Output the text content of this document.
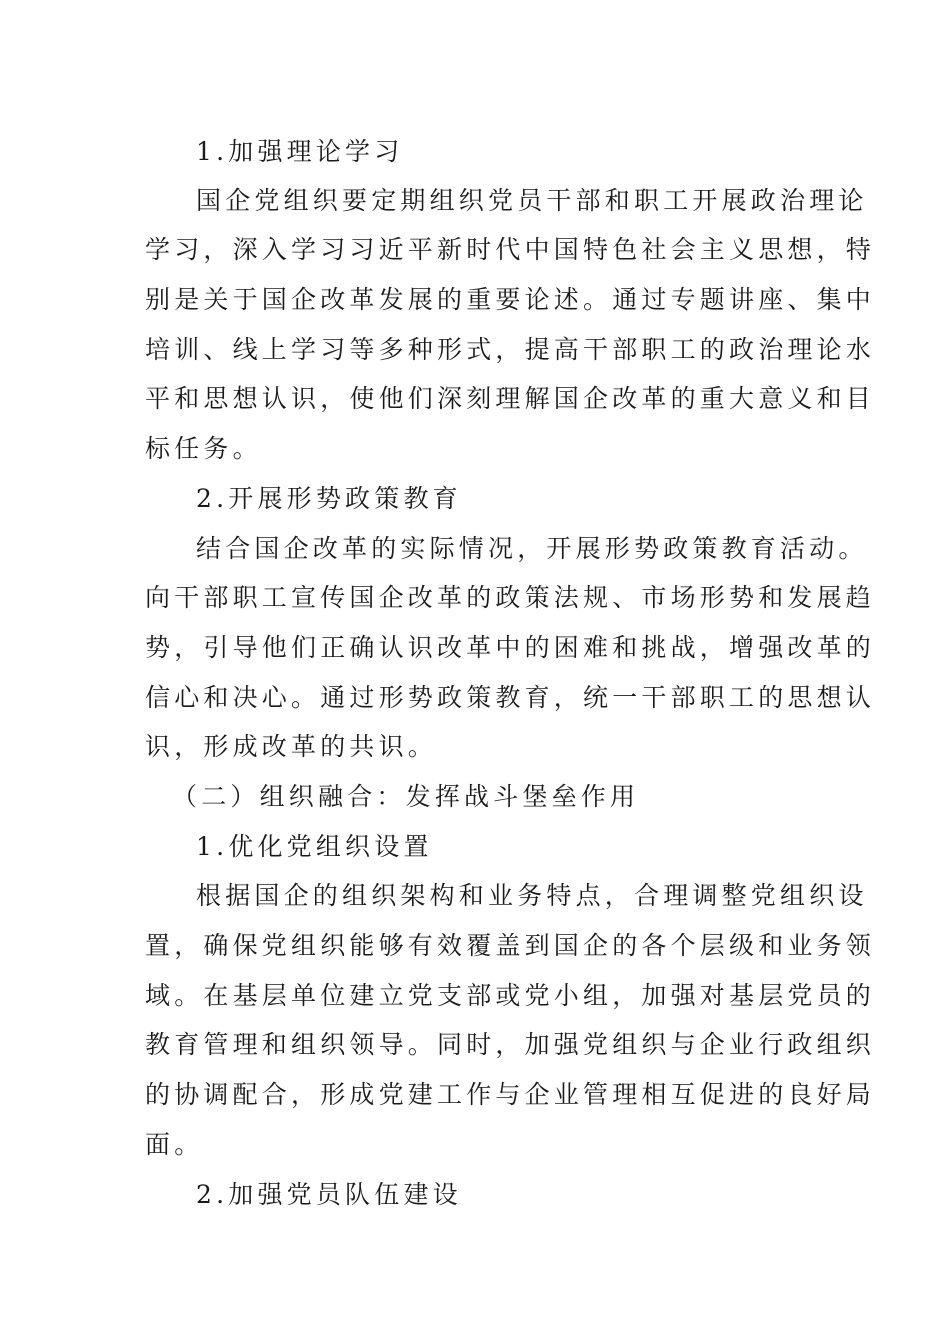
1.加强理论学习

国企党组织要定期组织党员干部和职工开展政治理论

学习，深入学习习近平新时代中国特色社会主义思想，特

别是关于国企改革发展的重要论述。通过专题讲座、集中

培训、线上学习等多种形式，提高干部职工的政治理论水

平和思想认识，使他们深刻理解国企改革的重大意义和目

标任务。

2.开展形势政策教育

结合国企改革的实际情况，开展形势政策教育活动。

向干部职工宣传国企改革的政策法规、市场形势和发展趋

势，引导他们正确认识改革中的困难和挑战，增强改革的

信心和决心。通过形势政策教育，统一干部职工的思想认

识，形成改革的共识。

（二）组织融合：发挥战斗堡垒作用

1.优化党组织设置

根据国企的组织架构和业务特点，合理调整党组织设

置，确保党组织能够有效覆盖到国企的各个层级和业务领

域。在基层单位建立党支部或党小组，加强对基层党员的

教育管理和组织领导。同时，加强党组织与企业行政组织

的协调配合，形成党建工作与企业管理相互促进的良好局

面。

2.加强党员队伍建设
